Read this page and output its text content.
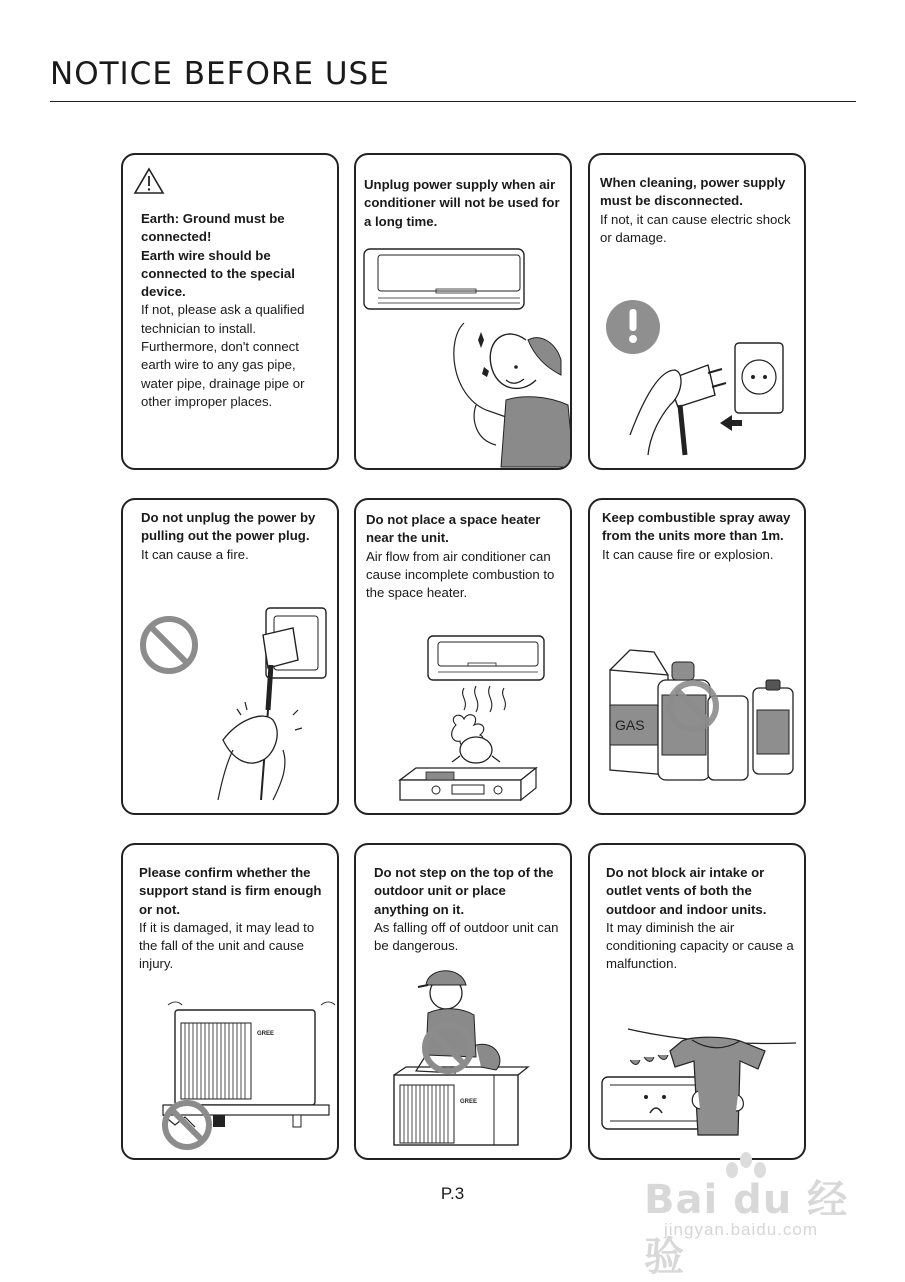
NOTICE BEFORE USE
Earth: Ground must be connected!
Earth wire should be connected to the special device.
If not, please ask a qualified technician to install. Furthermore, don't connect earth wire to any gas pipe, water pipe, drainage pipe or other improper places.
Unplug power supply when air conditioner will not be used for a long time.
When cleaning, power supply must be disconnected.
If not, it can cause electric shock or damage.
Do not unplug the power by pulling out the power plug.
It can cause a fire.
Do not place a space heater near the unit.
Air flow from air conditioner can cause incomplete combustion to the space heater.
Keep combustible spray away from the units more than 1m.
It can cause fire or explosion.
GAS
Please confirm whether the support stand is firm enough or not.
If it is damaged, it may lead to the fall of the unit and cause injury.
GREE
Do not step on the top of the outdoor unit or place anything on it.
As falling off of outdoor unit can be dangerous.
GREE
Do not block air intake or outlet vents of both the outdoor and indoor units.
It may diminish the air conditioning capacity or cause a malfunction.
P.3	Bai du 经验
jingyan.baidu.com
